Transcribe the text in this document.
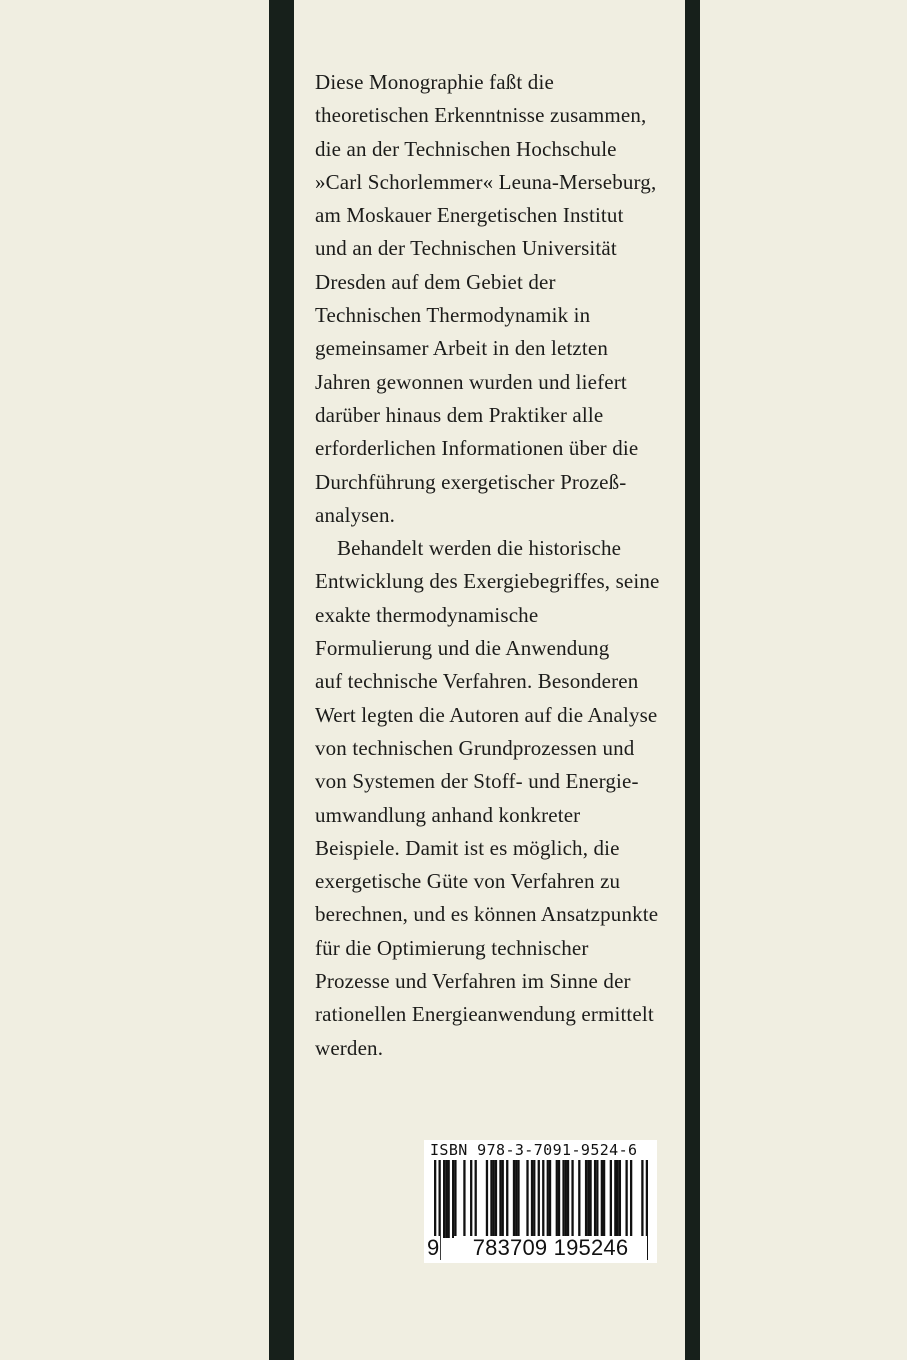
Diese Monographie faßt die
theoretischen Erkenntnisse zusammen,
die an der Technischen Hochschule
»Carl Schorlemmer« Leuna-Merseburg,
am Moskauer Energetischen Institut
und an der Technischen Universität
Dresden auf dem Gebiet der
Technischen Thermodynamik in
gemeinsamer Arbeit in den letzten
Jahren gewonnen wurden und liefert
darüber hinaus dem Praktiker alle
erforderlichen Informationen über die
Durchführung exergetischer Prozeß-
analysen.
Behandelt werden die historische
Entwicklung des Exergiebegriffes, seine
exakte thermodynamische
Formulierung und die Anwendung
auf technische Verfahren. Besonderen
Wert legten die Autoren auf die Analyse
von technischen Grundprozessen und
von Systemen der Stoff- und Energie-
umwandlung anhand konkreter
Beispiele. Damit ist es möglich, die
exergetische Güte von Verfahren zu
berechnen, und es können Ansatzpunkte
für die Optimierung technischer
Prozesse und Verfahren im Sinne der
rationellen Energieanwendung ermittelt
werden.
ISBN 978-3-7091-9524-6
9	783709 195246
